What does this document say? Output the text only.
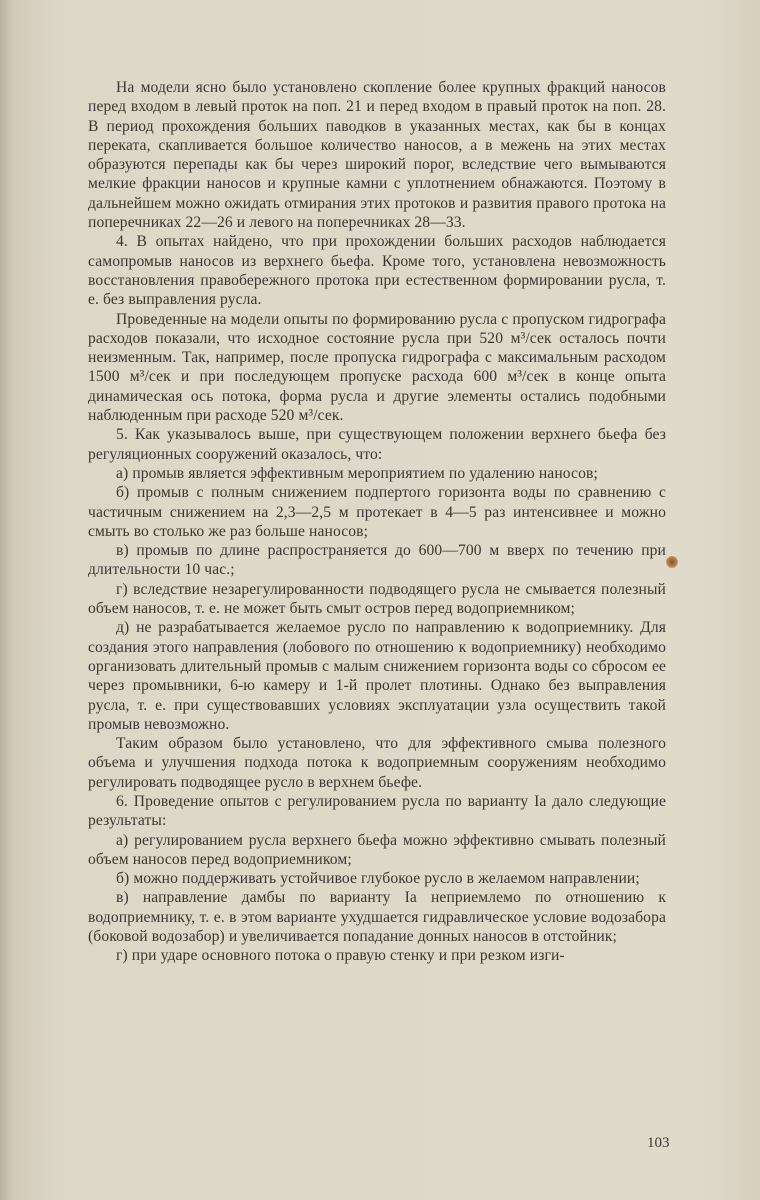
На модели ясно было установлено скопление более крупных фракций наносов перед входом в левый проток на поп. 21 и перед входом в правый проток на поп. 28. В период прохождения больших паводков в указанных местах, как бы в концах переката, скапливается большое количество наносов, а в межень на этих местах образуются перепады как бы через широкий порог, вследствие чего вымываются мелкие фракции наносов и крупные камни с уплотнением обнажаются. Поэтому в дальнейшем можно ожидать отмирания этих протоков и развития правого протока на поперечниках 22—26 и левого на поперечниках 28—33.

4. В опытах найдено, что при прохождении больших расходов наблюдается самопромыв наносов из верхнего бьефа. Кроме того, установлена невозможность восстановления правобережного протока при естественном формировании русла, т. е. без выправления русла.

Проведенные на модели опыты по формированию русла с пропуском гидрографа расходов показали, что исходное состояние русла при 520 м³/сек осталось почти неизменным. Так, например, после пропуска гидрографа с максимальным расходом 1500 м³/сек и при последующем пропуске расхода 600 м³/сек в конце опыта динамическая ось потока, форма русла и другие элементы остались подобными наблюденным при расходе 520 м³/сек.

5. Как указывалось выше, при существующем положении верхнего бьефа без регуляционных сооружений оказалось, что:

а) промыв является эффективным мероприятием по удалению наносов;

б) промыв с полным снижением подпертого горизонта воды по сравнению с частичным снижением на 2,3—2,5 м протекает в 4—5 раз интенсивнее и можно смыть во столько же раз больше наносов;

в) промыв по длине распространяется до 600—700 м вверх по течению при длительности 10 час.;

г) вследствие незарегулированности подводящего русла не смывается полезный объем наносов, т. е. не может быть смыт остров перед водоприемником;

д) не разрабатывается желаемое русло по направлению к водоприемнику. Для создания этого направления (лобового по отношению к водоприемнику) необходимо организовать длительный промыв с малым снижением горизонта воды со сбросом ее через промывники, 6-ю камеру и 1-й пролет плотины. Однако без выправления русла, т. е. при существовавших условиях эксплуатации узла осуществить такой промыв невозможно.

Таким образом было установлено, что для эффективного смыва полезного объема и улучшения подхода потока к водоприемным сооружениям необходимо регулировать подводящее русло в верхнем бьефе.

6. Проведение опытов с регулированием русла по варианту Ia дало следующие результаты:

а) регулированием русла верхнего бьефа можно эффективно смывать полезный объем наносов перед водоприемником;

б) можно поддерживать устойчивое глубокое русло в желаемом направлении;

в) направление дамбы по варианту Ia неприемлемо по отношению к водоприемнику, т. е. в этом варианте ухудшается гидравлическое условие водозабора (боковой водозабор) и увеличивается попадание донных наносов в отстойник;

г) при ударе основного потока о правую стенку и при резком изги-

103
